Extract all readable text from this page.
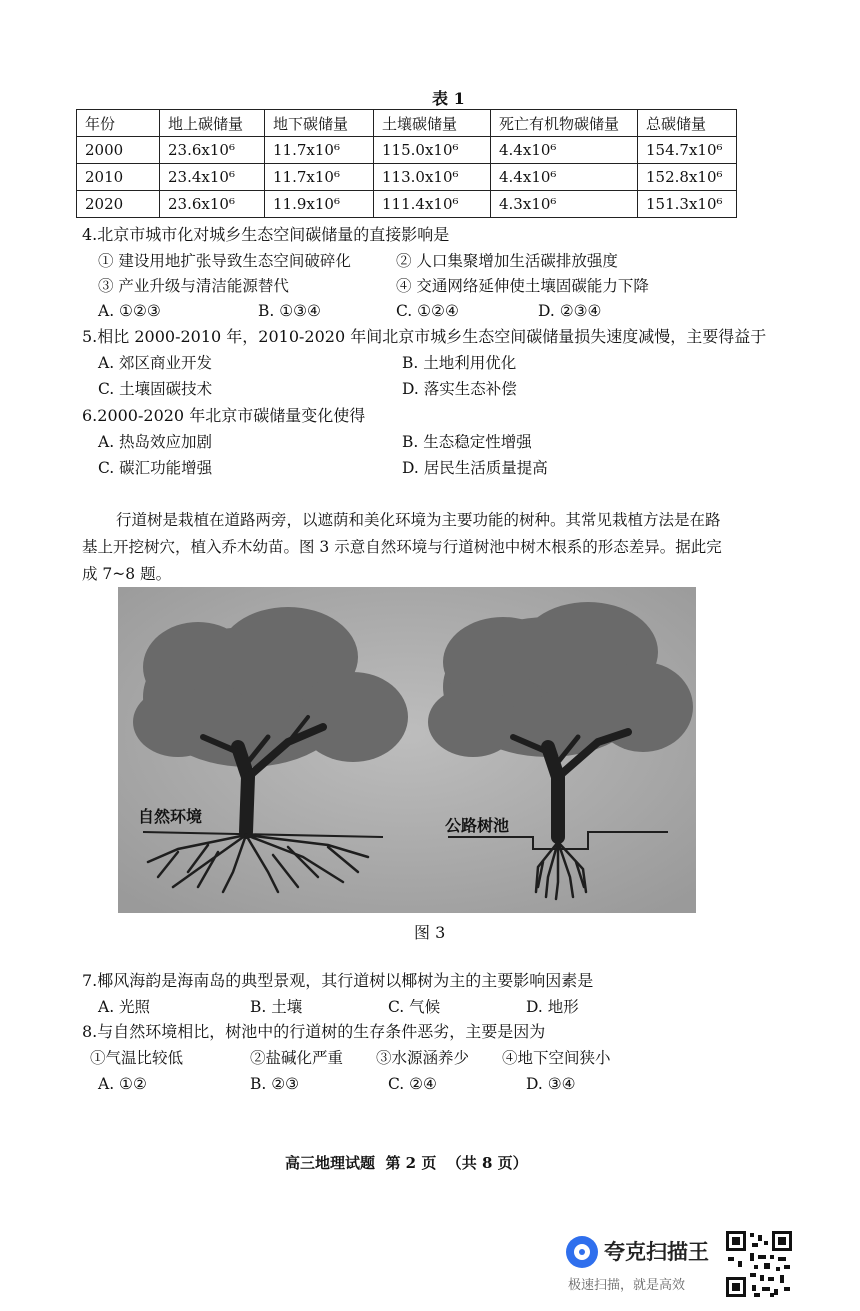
表 1
年份	地上碳储量	地下碳储量	土壤碳储量	死亡有机物碳储量	总碳储量
2000	23.6x10⁶	11.7x10⁶	115.0x10⁶	4.4x10⁶	154.7x10⁶
2010	23.4x10⁶	11.7x10⁶	113.0x10⁶	4.4x10⁶	152.8x10⁶
2020	23.6x10⁶	11.9x10⁶	111.4x10⁶	4.3x10⁶	151.3x10⁶
4.北京市城市化对城乡生态空间碳储量的直接影响是
① 建设用地扩张导致生态空间破碎化	② 人口集聚增加生活碳排放强度
③ 产业升级与清洁能源替代	④ 交通网络延伸使土壤固碳能力下降
A. ①②③	B. ①③④	C. ①②④	D. ②③④
5.相比 2000-2010 年，2010-2020 年间北京市城乡生态空间碳储量损失速度减慢，主要得益于
A. 郊区商业开发	B. 土地利用优化
C. 土壤固碳技术	D. 落实生态补偿
6.2000-2020 年北京市碳储量变化使得
A. 热岛效应加剧	B. 生态稳定性增强
C. 碳汇功能增强	D. 居民生活质量提高
行道树是栽植在道路两旁，以遮荫和美化环境为主要功能的树种。其常见栽植方法是在路
基上开挖树穴，植入乔木幼苗。图 3 示意自然环境与行道树池中树木根系的形态差异。据此完
成 7~8 题。
自然环境	公路树池
图 3
7.椰风海韵是海南岛的典型景观，其行道树以椰树为主的主要影响因素是
A. 光照	B. 土壤	C. 气候	D. 地形
8.与自然环境相比，树池中的行道树的生存条件恶劣，主要是因为
①气温比较低	②盐碱化严重 ③水源涵养少 ④地下空间狭小
A. ①②	B. ②③	C. ②④	D. ③④
高三地理试题  第 2 页  （共 8 页）
夸克扫描王
极速扫描，就是高效
